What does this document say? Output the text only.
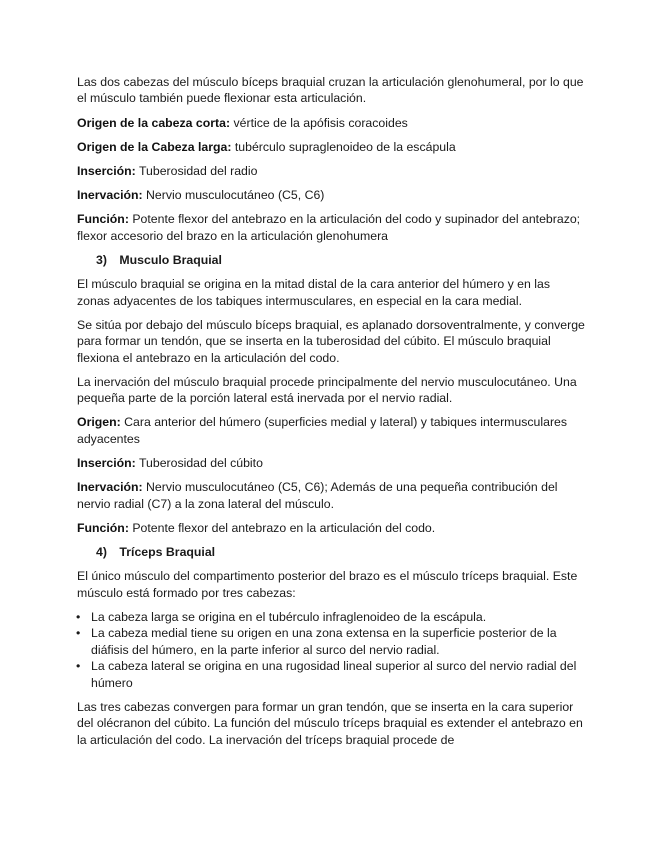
Las dos cabezas del músculo bíceps braquial cruzan la articulación glenohumeral, por lo que el músculo también puede flexionar esta articulación.

Origen de la cabeza corta: vértice de la apófisis coracoides

Origen de la Cabeza larga: tubérculo supraglenoideo de la escápula

Inserción: Tuberosidad del radio

Inervación: Nervio musculocutáneo (C5, C6)

Función: Potente flexor del antebrazo en la articulación del codo y supinador del antebrazo; flexor accesorio del brazo en la articulación glenohumera

3) Musculo Braquial

El músculo braquial se origina en la mitad distal de la cara anterior del húmero y en las zonas adyacentes de los tabiques intermusculares, en especial en la cara medial.

Se sitúa por debajo del músculo bíceps braquial, es aplanado dorsoventralmente, y converge para formar un tendón, que se inserta en la tuberosidad del cúbito. El músculo braquial flexiona el antebrazo en la articulación del codo.

La inervación del músculo braquial procede principalmente del nervio musculocutáneo. Una pequeña parte de la porción lateral está inervada por el nervio radial.

Origen: Cara anterior del húmero (superficies medial y lateral) y tabiques intermusculares adyacentes

Inserción: Tuberosidad del cúbito

Inervación: Nervio musculocutáneo (C5, C6); Además de una pequeña contribución del nervio radial (C7) a la zona lateral del músculo.

Función: Potente flexor del antebrazo en la articulación del codo.

4) Tríceps Braquial

El único músculo del compartimento posterior del brazo es el músculo tríceps braquial. Este músculo está formado por tres cabezas:

• La cabeza larga se origina en el tubérculo infraglenoideo de la escápula.
• La cabeza medial tiene su origen en una zona extensa en la superficie posterior de la diáfisis del húmero, en la parte inferior al surco del nervio radial.
• La cabeza lateral se origina en una rugosidad lineal superior al surco del nervio radial del húmero

Las tres cabezas convergen para formar un gran tendón, que se inserta en la cara superior del olécranon del cúbito. La función del músculo tríceps braquial es extender el antebrazo en la articulación del codo. La inervación del tríceps braquial procede de
